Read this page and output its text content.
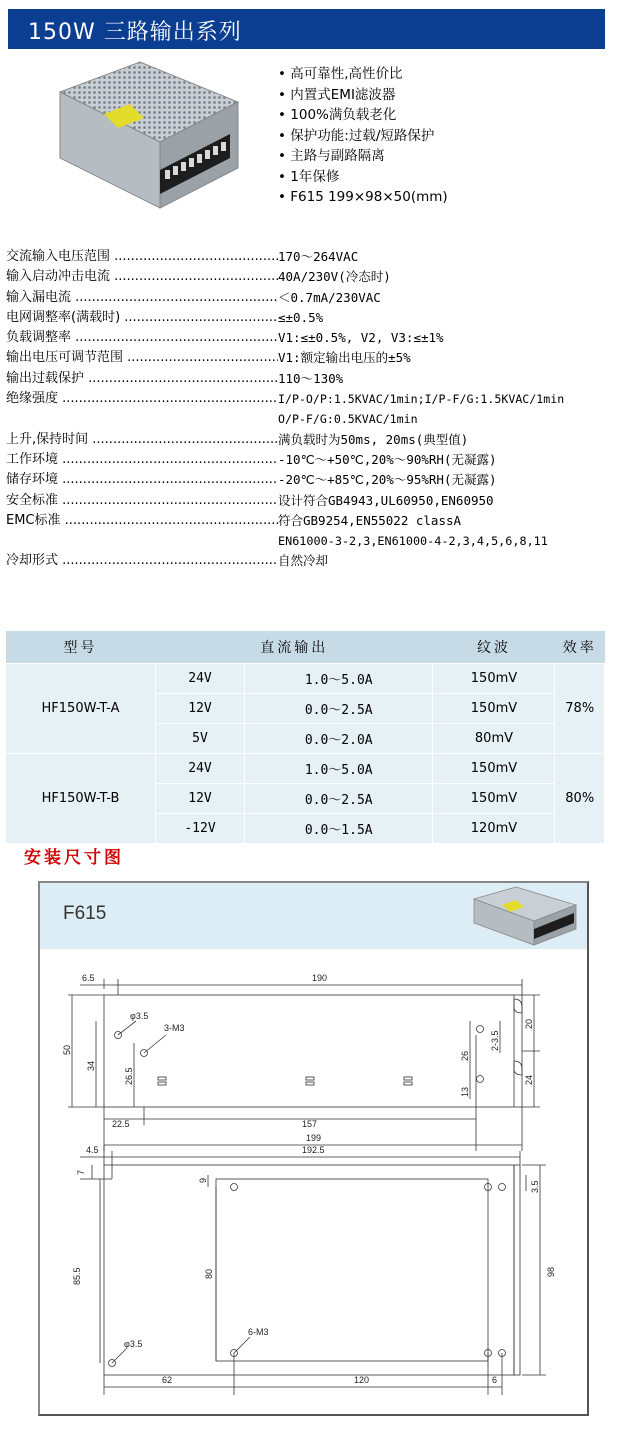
150W 三路输出系列
• 高可靠性,高性价比
• 内置式EMI滤波器
• 100%满负载老化
• 保护功能:过载/短路保护
• 主路与副路隔离
• 1年保修
• F615 199×98×50(mm)
交流输入电压范围 .....	170～264VAC
输入启动冲击电流 .....	40A/230V(冷态时)
输入漏电流 .....	＜0.7mA/230VAC
电网调整率(满载时) .....	≤±0.5%
负载调整率 .....	V1:≤±0.5%, V2, V3:≤±1%
输出电压可调节范围 .....	V1:额定输出电压的±5%
输出过载保护 .....	110～130%
绝缘强度 .....	I/P-O/P:1.5KVAC/1min;I/P-F/G:1.5KVAC/1min
O/P-F/G:0.5KVAC/1min
上升,保持时间 .....	满负载时为50ms, 20ms(典型值)
工作环境 .....	-10℃～+50℃,20%～90%RH(无凝露)
储存环境 .....	-20℃～+85℃,20%～95%RH(无凝露)
安全标准 .....	设计符合GB4943,UL60950,EN60950
EMC标准 .....	符合GB9254,EN55022 classA
EN61000-3-2,3,EN61000-4-2,3,4,5,6,8,11
冷却形式 .....	自然冷却
型号	直流输出		纹波	效率
HF150W-T-A	24V	1.0～5.0A	150mV	78%
	12V	0.0～2.5A	150mV	
	5V	0.0～2.0A	80mV	
HF150W-T-B	24V	1.0～5.0A	150mV	80%
	12V	0.0～2.5A	150mV	
	-12V	0.0～1.5A	120mV	
安装尺寸图
F615
6.5	190
φ3.5
3-M3
50
34
26.5
22.5	157
199
26
13
2-3.5
20
24
4.5	192.5
7
9	3.5
85.5	80	98
φ3.5
6-M3
62	120	6
